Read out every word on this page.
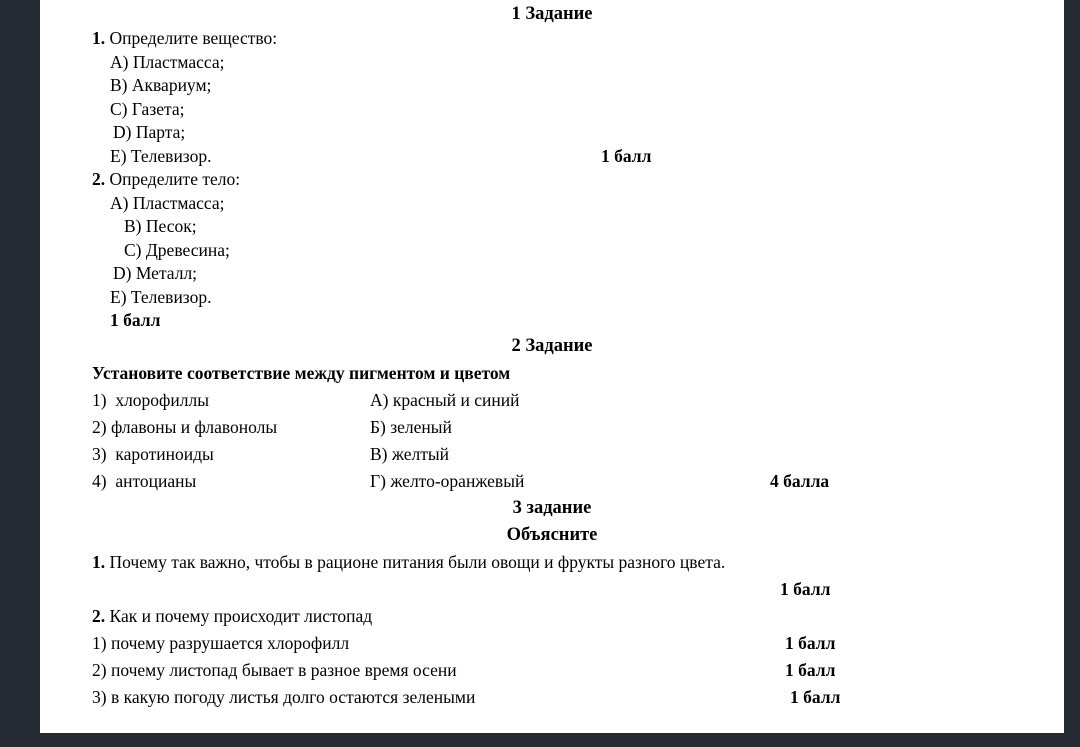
1 Задание
1. Определите вещество:
А) Пластмасса;
В) Аквариум;
С) Газета;
D) Парта;
Е) Телевизор.	1 балл
2. Определите тело:
А) Пластмасса;
В) Песок;
С) Древесина;
D) Металл;
Е) Телевизор.
1 балл
2 Задание
Установите соответствие между пигментом и цветом
1)  хлорофиллы	А) красный и синий
2) флавоны и флавонолы	Б) зеленый
3)  каротиноиды	В) желтый
4)  антоцианы	Г) желто-оранжевый	4 балла
3 задание
Объясните
1. Почему так важно, чтобы в рационе питания были овощи и фрукты разного цвета.
1 балл

2. Как и почему происходит листопад
1) почему разрушается хлорофилл	1 балл
2) почему листопад бывает в разное время осени	1 балл
3) в какую погоду листья долго остаются зелеными	1 балл
